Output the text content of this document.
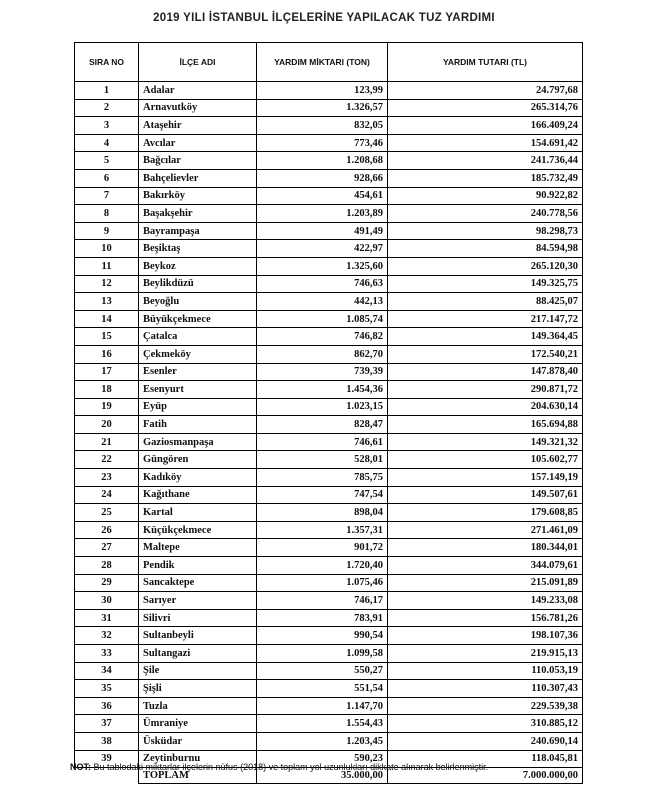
2019 YILI İSTANBUL İLÇELERİNE YAPILACAK TUZ YARDIMI
SIRA NO	İLÇE ADI	YARDIM MİKTARI (TON)	YARDIM TUTARI (TL)
1	Adalar	123,99	24.797,68
2	Arnavutköy	1.326,57	265.314,76
3	Ataşehir	832,05	166.409,24
4	Avcılar	773,46	154.691,42
5	Bağcılar	1.208,68	241.736,44
6	Bahçelievler	928,66	185.732,49
7	Bakırköy	454,61	90.922,82
8	Başakşehir	1.203,89	240.778,56
9	Bayrampaşa	491,49	98.298,73
10	Beşiktaş	422,97	84.594,98
11	Beykoz	1.325,60	265.120,30
12	Beylikdüzü	746,63	149.325,75
13	Beyoğlu	442,13	88.425,07
14	Büyükçekmece	1.085,74	217.147,72
15	Çatalca	746,82	149.364,45
16	Çekmeköy	862,70	172.540,21
17	Esenler	739,39	147.878,40
18	Esenyurt	1.454,36	290.871,72
19	Eyüp	1.023,15	204.630,14
20	Fatih	828,47	165.694,88
21	Gaziosmanpaşa	746,61	149.321,32
22	Güngören	528,01	105.602,77
23	Kadıköy	785,75	157.149,19
24	Kağıthane	747,54	149.507,61
25	Kartal	898,04	179.608,85
26	Küçükçekmece	1.357,31	271.461,09
27	Maltepe	901,72	180.344,01
28	Pendik	1.720,40	344.079,61
29	Sancaktepe	1.075,46	215.091,89
30	Sarıyer	746,17	149.233,08
31	Silivri	783,91	156.781,26
32	Sultanbeyli	990,54	198.107,36
33	Sultangazi	1.099,58	219.915,13
34	Şile	550,27	110.053,19
35	Şişli	551,54	110.307,43
36	Tuzla	1.147,70	229.539,38
37	Ümraniye	1.554,43	310.885,12
38	Üsküdar	1.203,45	240.690,14
39	Zeytinburnu	590,23	118.045,81
	TOPLAM	35.000,00	7.000.000,00
NOT: Bu tablodaki miktarlar ilçelerin nüfus (2018) ve toplam yol uzunlukları dikkate alınarak belirlenmiştir.
